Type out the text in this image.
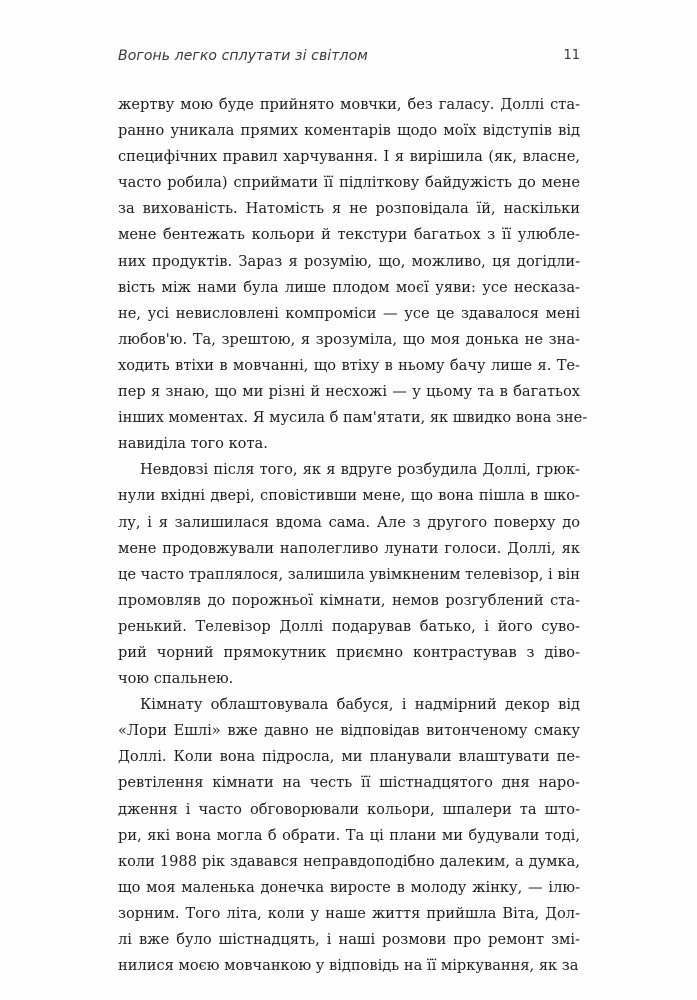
Вогонь легко сплутати зі світлом	11
жертву мою буде прийнято мовчки, без галасу. Доллі ста-
ранно уникала прямих коментарів щодо моїх відступів від
специфічних правил харчування. І я вирішила (як, власне,
часто робила) сприймати її підліткову байдужість до мене
за вихованість. Натомість я не розповідала їй, наскільки
мене бентежать кольори й текстури багатьох з її улюбле-
них продуктів. Зараз я розумію, що, можливо, ця догідли-
вість між нами була лише плодом моєї уяви: усе несказа-
не, усі невисловлені компроміси — усе це здавалося мені
любов'ю. Та, зрештою, я зрозуміла, що моя донька не зна-
ходить втіхи в мовчанні, що втіху в ньому бачу лише я. Те-
пер я знаю, що ми різні й несхожі — у цьому та в багатьох
інших моментах. Я мусила б пам'ятати, як швидко вона зне-
навиділа того кота.
Невдовзі після того, як я вдруге розбудила Доллі, грюк-
нули вхідні двері, сповістивши мене, що вона пішла в шко-
лу, і я залишилася вдома сама. Але з другого поверху до
мене продовжували наполегливо лунати голоси. Доллі, як
це часто траплялося, залишила увімкненим телевізор, і він
промовляв до порожньої кімнати, немов розгублений ста-
ренький. Телевізор Доллі подарував батько, і його суво-
рий чорний прямокутник приємно контрастував з діво-
чою спальнею.
Кімнату облаштовувала бабуся, і надмірний декор від
«Лори Ешлі» вже давно не відповідав витонченому смаку
Доллі. Коли вона підросла, ми планували влаштувати пе-
ревтілення кімнати на честь її шістнадцятого дня наро-
дження і часто обговорювали кольори, шпалери та што-
ри, які вона могла б обрати. Та ці плани ми будували тоді,
коли 1988 рік здавався неправдоподібно далеким, а думка,
що моя маленька донечка виросте в молоду жінку, — ілю-
зорним. Того літа, коли у наше життя прийшла Віта, Дол-
лі вже було шістнадцять, і наші розмови про ремонт змі-
нилися моєю мовчанкою у відповідь на її міркування, як за
